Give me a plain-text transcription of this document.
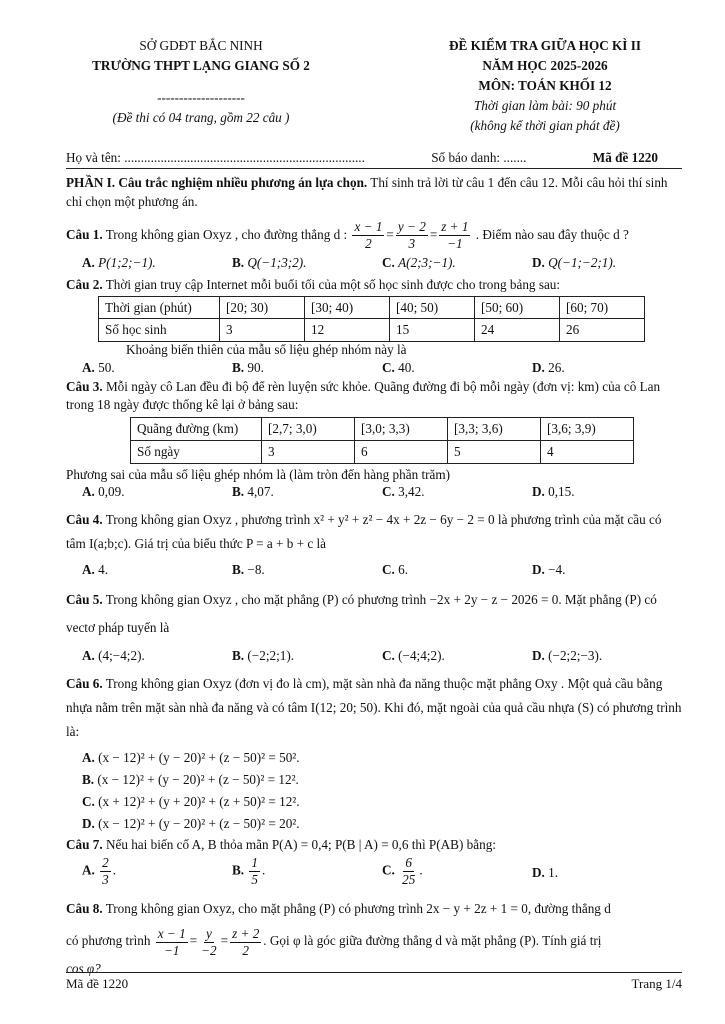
SỞ GDĐT BẮC NINH
TRƯỜNG THPT LẠNG GIANG SỐ 2
--------------------
(Đề thi có 04 trang, gồm 22 câu )
ĐỀ KIỂM TRA GIỮA HỌC KÌ II
NĂM HỌC 2025-2026
MÔN: TOÁN KHỐI 12
Thời gian làm bài: 90 phút
(không kể thời gian phát đề)
Họ và tên: .........................................................................	Số báo danh: .......	Mã đề 1220

PHẦN I. Câu trắc nghiệm nhiều phương án lựa chọn. Thí sinh trả lời từ câu 1 đến câu 12. Mỗi câu hỏi thí sinh chỉ chọn một phương án.

Câu 1. Trong không gian Oxyz , cho đường thẳng d : $\frac{x - 1}{2} = \frac{y - 2}{3} = \frac{z + 1}{-1}$ . Điểm nào sau đây thuộc d ?

A. P(1;2;−1).	B. Q(−1;3;2).	C. A(2;3;−1).	D. Q(−1;−2;1).

Câu 2. Thời gian truy cập Internet mỗi buổi tối của một số học sinh được cho trong bảng sau:

Thời gian (phút)	[20; 30)	[30; 40)	[40; 50)	[50; 60)	[60; 70)
Số học sinh	3	12	15	24	26

Khoảng biến thiên của mẫu số liệu ghép nhóm này là

A. 50.	B. 90.	C. 40.	D. 26.

Câu 3. Mỗi ngày cô Lan đều đi bộ để rèn luyện sức khỏe. Quãng đường đi bộ mỗi ngày (đơn vị: km) của cô Lan trong 18 ngày được thống kê lại ở bảng sau:

Quãng đường (km)	[2,7; 3,0)	[3,0; 3,3)	[3,3; 3,6)	[3,6; 3,9)
Số ngày	3	6	5	4

Phương sai của mẫu số liệu ghép nhóm là (làm tròn đến hàng phần trăm)

A. 0,09.	B. 4,07.	C. 3,42.	D. 0,15.

Câu 4. Trong không gian Oxyz , phương trình x² + y² + z² − 4x + 2z − 6y − 2 = 0 là phương trình của mặt cầu có tâm I(a;b;c). Giá trị của biểu thức P = a + b + c là

A. 4.	B. −8.	C. 6.	D. −4.

Câu 5. Trong không gian Oxyz , cho mặt phẳng (P) có phương trình −2x + 2y − z − 2026 = 0. Mặt phẳng (P) có vectơ pháp tuyến là

A. (4;−4;2).	B. (−2;2;1).	C. (−4;4;2).	D. (−2;2;−3).

Câu 6. Trong không gian Oxyz (đơn vị đo là cm), mặt sàn nhà đa năng thuộc mặt phẳng Oxy . Một quả cầu bằng nhựa nằm trên mặt sàn nhà đa năng và có tâm I(12; 20; 50). Khi đó, mặt ngoài của quả cầu nhựa (S) có phương trình là:

A. (x − 12)² + (y − 20)² + (z − 50)² = 50².
B. (x − 12)² + (y − 20)² + (z − 50)² = 12².
C. (x + 12)² + (y + 20)² + (z + 50)² = 12².
D. (x − 12)² + (y − 20)² + (z − 50)² = 20².

Câu 7. Nếu hai biến cố A, B thỏa mãn P(A) = 0,4; P(B | A) = 0,6 thì P(AB) bằng:

A. $\frac{2}{3}$ .	B. $\frac{1}{5}$ .	C. $\frac{6}{25}$ .	D. 1.

Câu 8. Trong không gian Oxyz, cho mặt phẳng (P) có phương trình 2x − y + 2z + 1 = 0, đường thẳng d

có phương trình $\frac{x - 1}{-1} = \frac{y}{-2} = \frac{z + 2}{2}$ . Gọi φ là góc giữa đường thẳng d và mặt phẳng (P). Tính giá trị

cos φ?

Mã đề 1220	Trang 1/4
